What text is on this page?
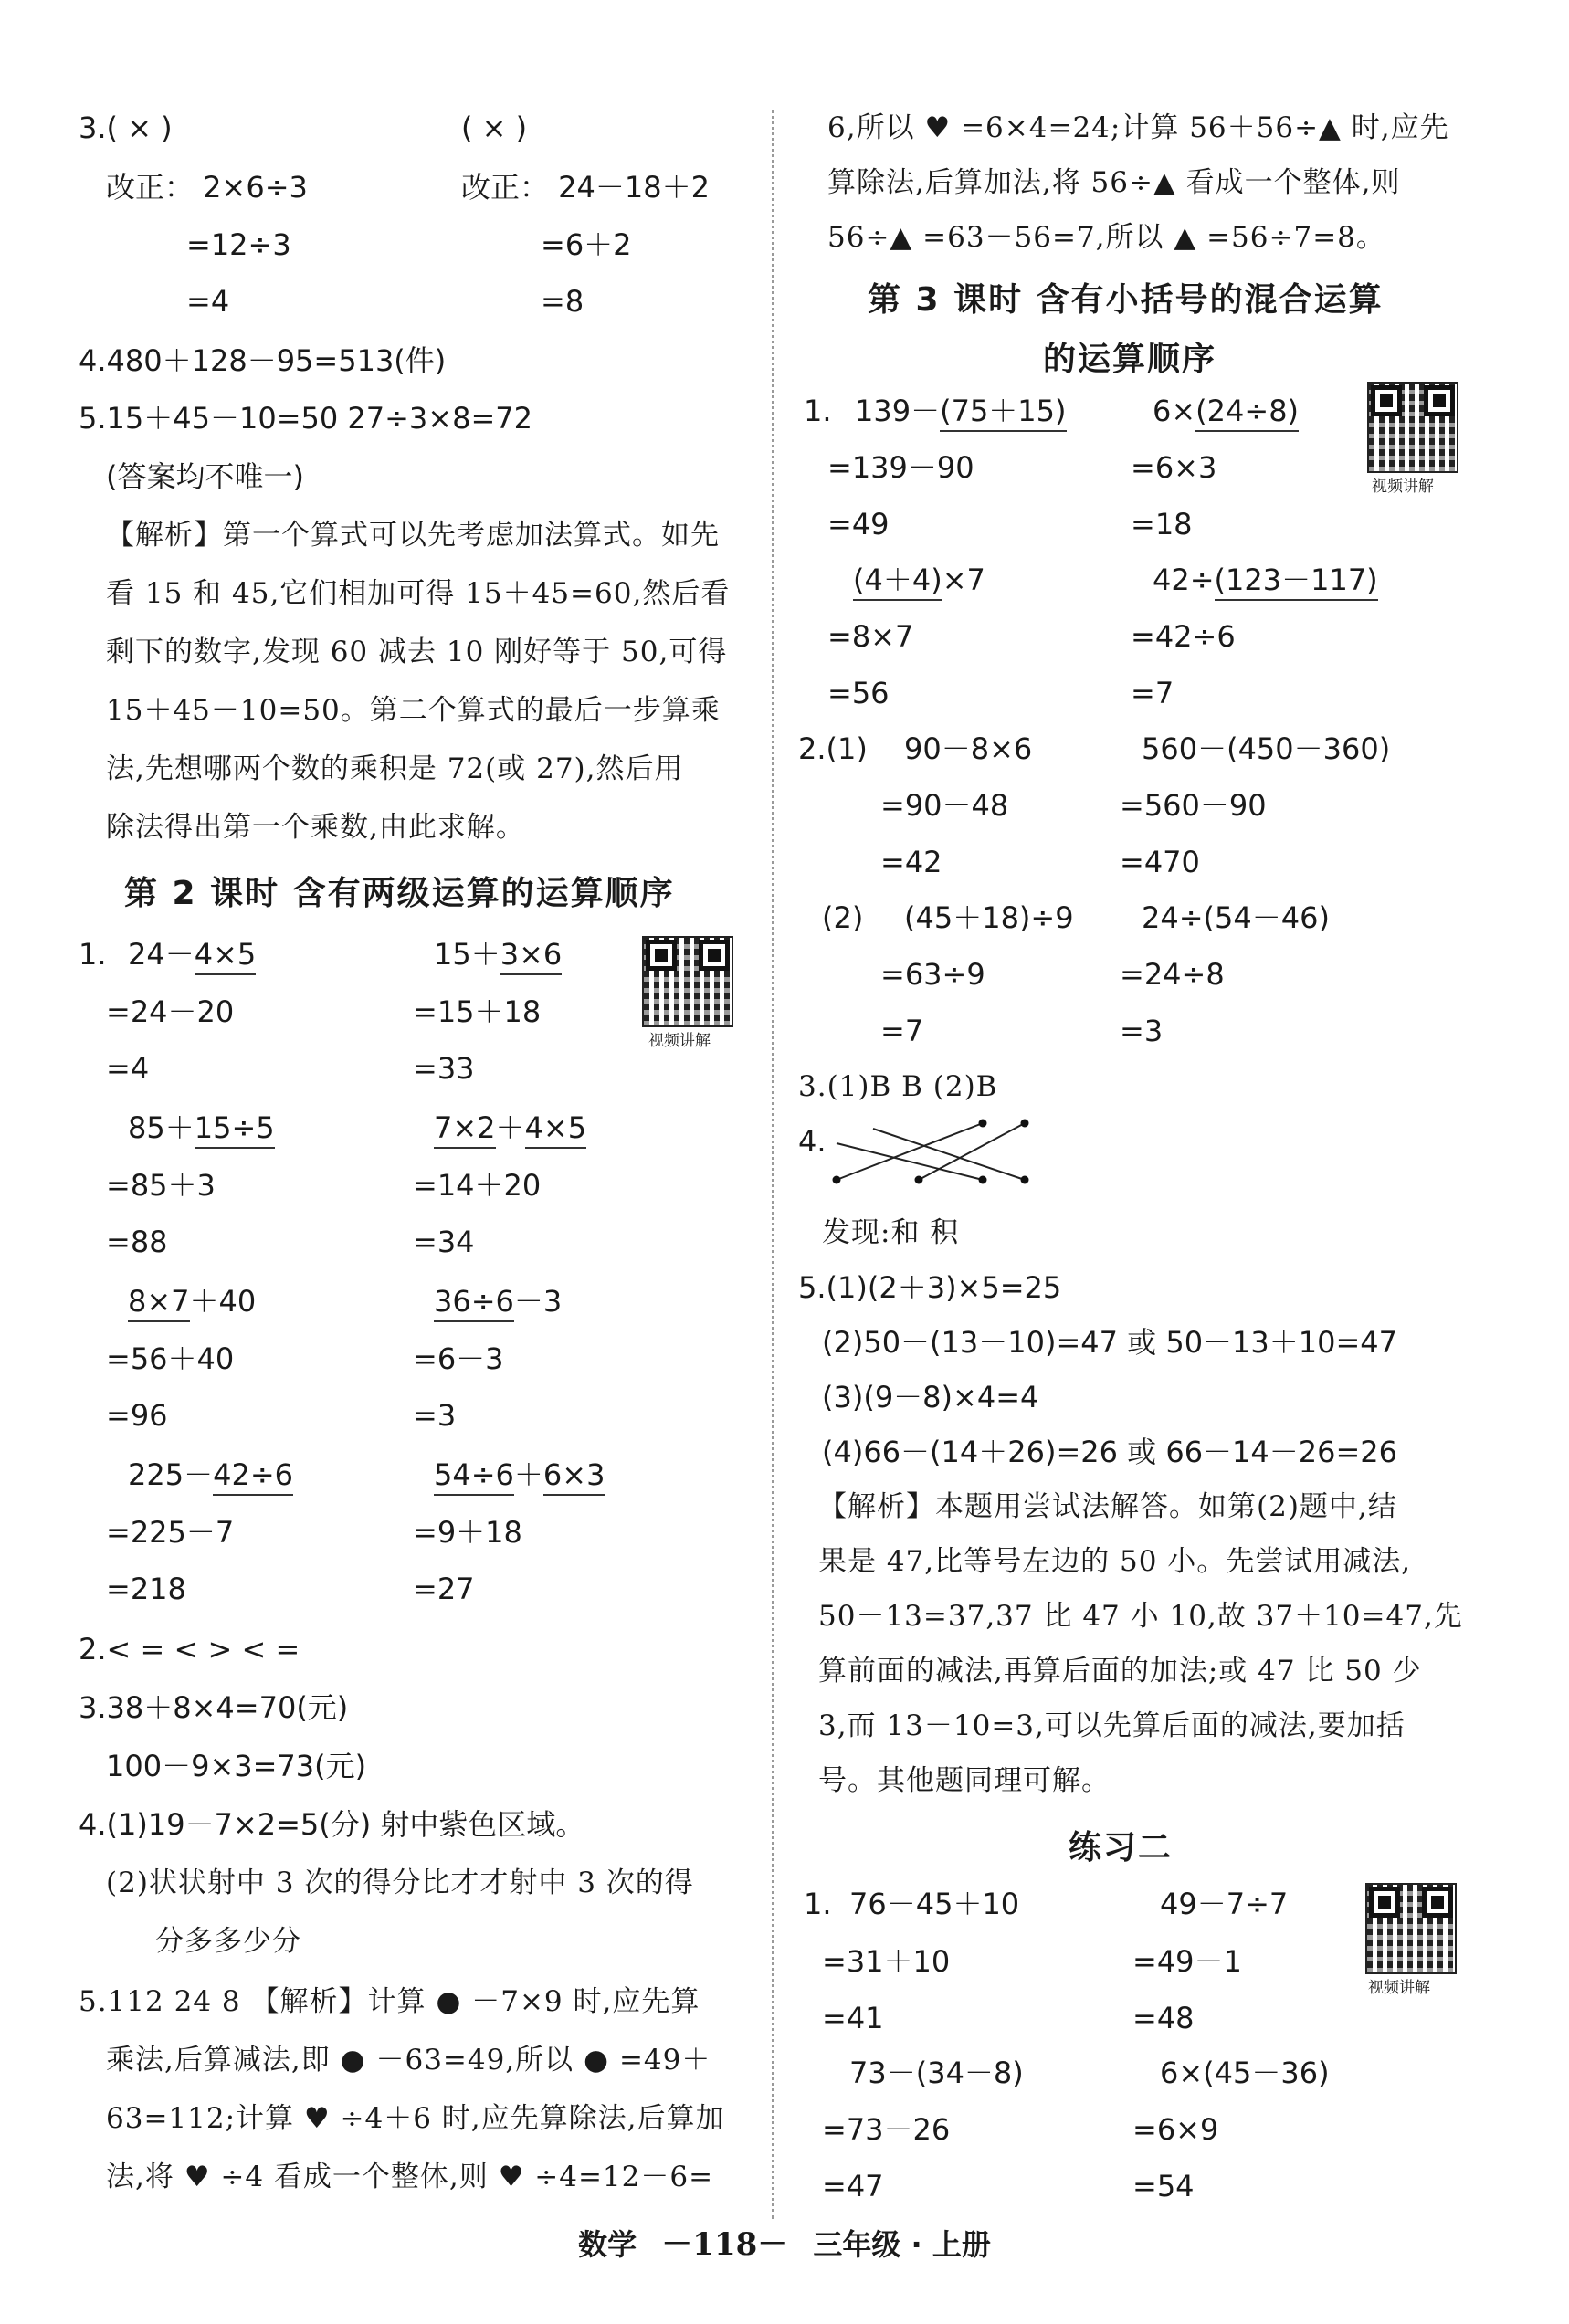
3.( × )	( × )
改正： 2×6÷3	改正： 24－18＋2
=12÷3	=6＋2
=4	=8
4.480＋128－95=513(件)
5.15＋45－10=50 27÷3×8=72
(答案均不唯一)
【解析】第一个算式可以先考虑加法算式。如先
看 15 和 45,它们相加可得 15＋45=60,然后看
剩下的数字,发现 60 减去 10 刚好等于 50,可得
15＋45－10=50。第二个算式的最后一步算乘
法,先想哪两个数的乘积是 72(或 27),然后用
除法得出第一个乘数,由此求解。
第 2 课时 含有两级运算的运算顺序
视频讲解
1. 24－4×5
=24－20
=4
15＋3×6
=15＋18
=33
85＋15÷5
=85＋3
=88
7×2＋4×5
=14＋20
=34
8×7＋40
=56＋40
=96
36÷6－3
=6－3
=3
225－42÷6
=225－7
=218
54÷6＋6×3
=9＋18
=27
2.< = < > < =
3.38＋8×4=70(元)
100－9×3=73(元)
4.(1)19－7×2=5(分) 射中紫色区域。
(2)状状射中 3 次的得分比才才射中 3 次的得
分多多少分
5.112 24 8 【解析】计算 ● －7×9 时,应先算
乘法,后算减法,即 ● －63=49,所以 ● =49＋
63=112;计算 ♥ ÷4＋6 时,应先算除法,后算加
法,将 ♥ ÷4 看成一个整体,则 ♥ ÷4=12－6=
6,所以 ♥ =6×4=24;计算 56＋56÷▲ 时,应先
算除法,后算加法,将 56÷▲ 看成一个整体,则
56÷▲ =63－56=7,所以 ▲ =56÷7=8。
第 3 课时 含有小括号的混合运算
的运算顺序
视频讲解
1. 139－(75＋15)
=139－90
=49
6×(24÷8)
=6×3
=18
(4＋4)×7
=8×7
=56
42÷(123－117)
=42÷6
=7
2.(1) 90－8×6
=90－48
=42
560－(450－360)
=560－90
=470
(2) (45＋18)÷9
=63÷9
=7
24÷(54－46)
=24÷8
=3
3.(1)B B (2)B
4.
发现:和 积
5.(1)(2＋3)×5=25
(2)50－(13－10)=47 或 50－13＋10=47
(3)(9－8)×4=4
(4)66－(14＋26)=26 或 66－14－26=26
【解析】本题用尝试法解答。如第(2)题中,结
果是 47,比等号左边的 50 小。先尝试用减法,
50－13=37,37 比 47 小 10,故 37＋10=47,先
算前面的减法,再算后面的加法;或 47 比 50 少
3,而 13－10=3,可以先算后面的减法,要加括
号。其他题同理可解。
练习二
视频讲解
1. 76－45＋10
=31＋10
=41
49－7÷7
=49－1
=48
73－(34－8)
=73－26
=47
6×(45－36)
=6×9
=54
数学 －118－ 三年级 · 上册
